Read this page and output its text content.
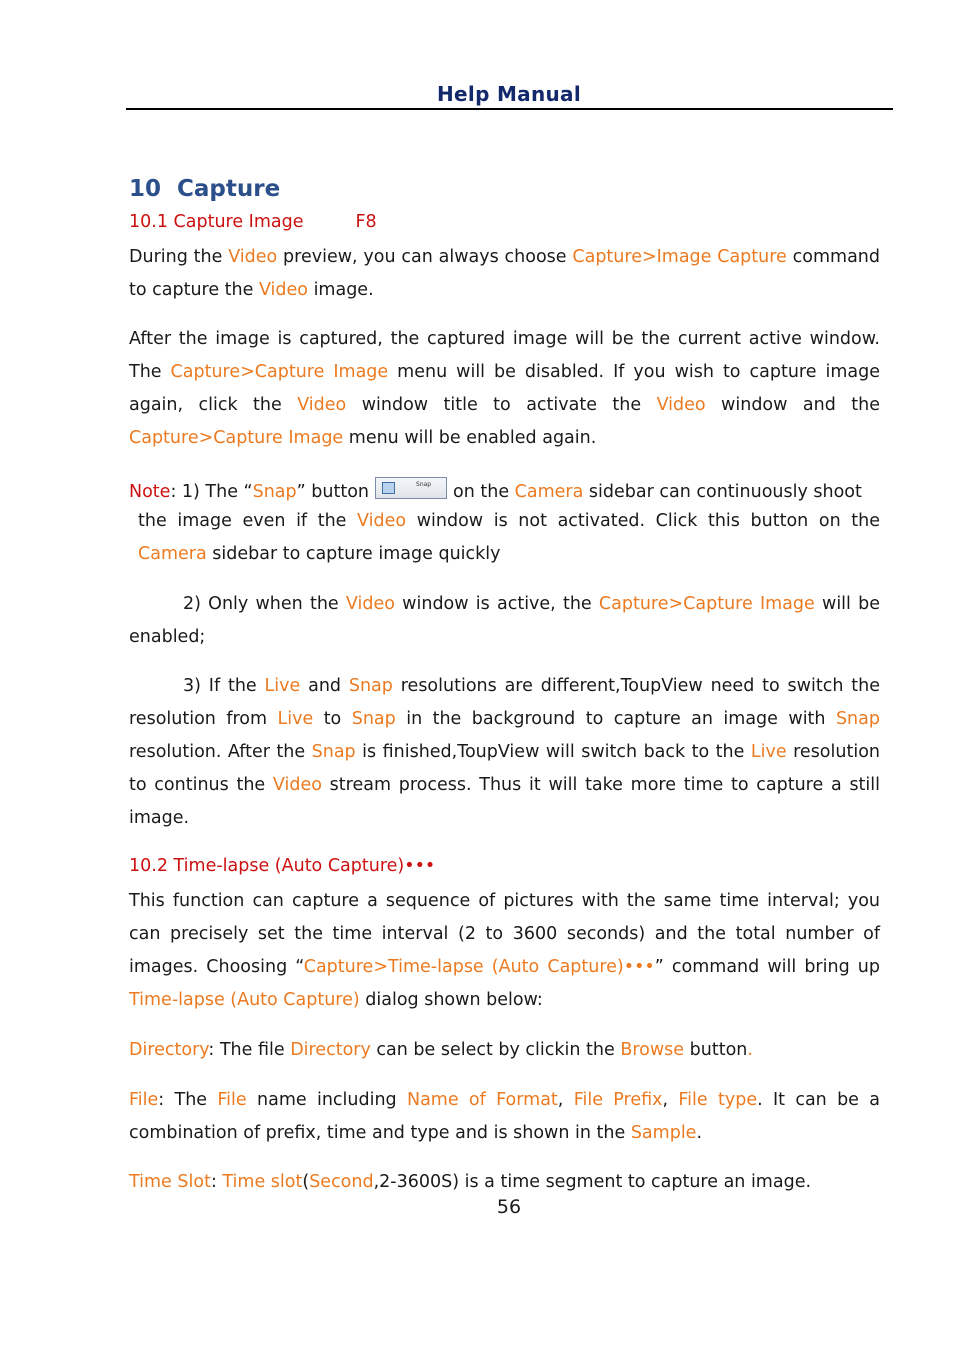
Help Manual
10 Capture
10.1 Capture Image	F8
During the Video preview, you can always choose Capture>Image Capture command to capture the Video image.
After the image is captured, the captured image will be the current active window. The Capture>Capture Image menu will be disabled. If you wish to capture image again, click the Video window title to activate the Video window and the Capture>Capture Image menu will be enabled again.
Note: 1) The “Snap” button	Snap on the Camera sidebar can continuously shoot
the image even if the Video window is not activated. Click this button on the Camera sidebar to capture image quickly
2) Only when the Video window is active, the Capture>Capture Image will be enabled;
3) If the Live and Snap resolutions are different,ToupView need to switch the resolution from Live to Snap in the background to capture an image with Snap resolution. After the Snap is finished,ToupView will switch back to the Live resolution to continus the Video stream process. Thus it will take more time to capture a still image.
10.2 Time-lapse (Auto Capture)•••
This function can capture a sequence of pictures with the same time interval; you can precisely set the time interval (2 to 3600 seconds) and the total number of images. Choosing “Capture>Time-lapse (Auto Capture)•••” command will bring up Time-lapse (Auto Capture) dialog shown below:
Directory: The file Directory can be select by clickin the Browse button.
File: The File name including Name of Format, File Prefix, File type. It can be a combination of prefix, time and type and is shown in the Sample.
Time Slot: Time slot(Second,2-3600S) is a time segment to capture an image.
56
